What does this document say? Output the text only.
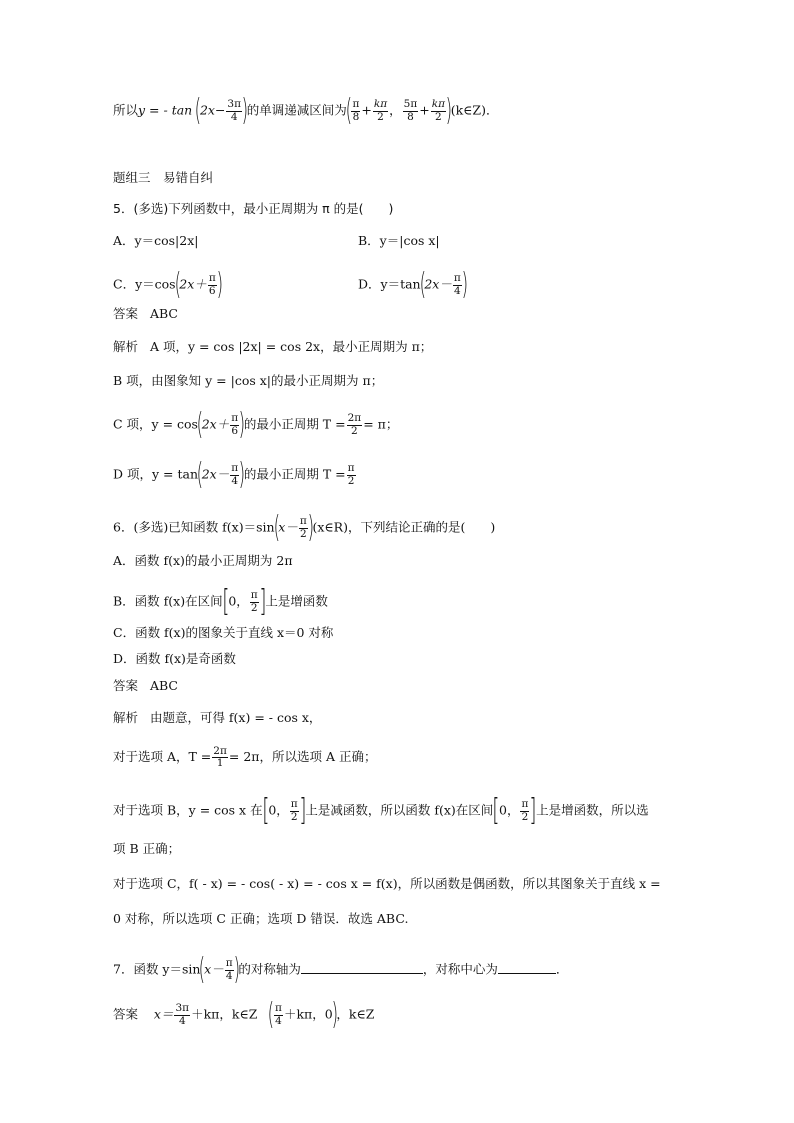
所以y = - $\tan (2x- \frac{3\pi}{4}$ )的单调递减区间为( $\frac{\pi}{8} + \frac{k\pi}{2}$ ， $\frac{5\pi}{8} + \frac{k\pi}{2}$ )(k∈Z)．
题组三　易错自纠
5．(多选)下列函数中，最小正周期为 π 的是(　　)
A．y＝cos|2x|	B．y＝|cos x|
C．$y=\cos(2x+ \frac{\pi}{6}$ )	D．$y=\tan(2x- \frac{\pi}{4}$ )
答案 ABC
解析 A 项，y = cos |2x| = cos 2x，最小正周期为 π；
B 项，由图象知 y = |cos x|的最小正周期为 π；
C 项，$y = \cos(2x+ \frac{\pi}{6}$ )的最小正周期 $T = \frac{2\pi}{2} = \pi$；
D 项，$y = \tan(2x- \frac{\pi}{4}$ )的最小正周期 $T = \frac{\pi}{2}$
6．(多选)已知函数 $f(x)=\sin(x- \frac{\pi}{2}$ )(x∈R)，下列结论正确的是(　　)
A．函数 f(x)的最小正周期为 2π
B．函数 f(x)在区间[0， $\frac{\pi}{2}$ ]上是增函数
C．函数 f(x)的图象关于直线 x＝0 对称
D．函数 f(x)是奇函数
答案 ABC
解析 由题意，可得 f(x) = - cos x，
对于选项 A，$T = \frac{2\pi}{1} = 2\pi$，所以选项 A 正确；
对于选项 B，y = cos x 在[0， $\frac{\pi}{2}$ ]上是减函数，所以函数 f(x)在区间[0， $\frac{\pi}{2}$ ]上是增函数，所以选
项 B 正确；
对于选项 C，f( - x) = - cos( - x) = - cos x = f(x)，所以函数是偶函数，所以其图象关于直线 x =
0 对称，所以选项 C 正确；选项 D 错误．故选 ABC.
7．函数 $y=\sin(x- \frac{\pi}{4}$ )的对称轴为	，对称中心为	．
答案 $x= \frac{3\pi}{4} +k\pi$，k∈Z ( $\frac{\pi}{4} +k\pi$，0)，k∈Z
